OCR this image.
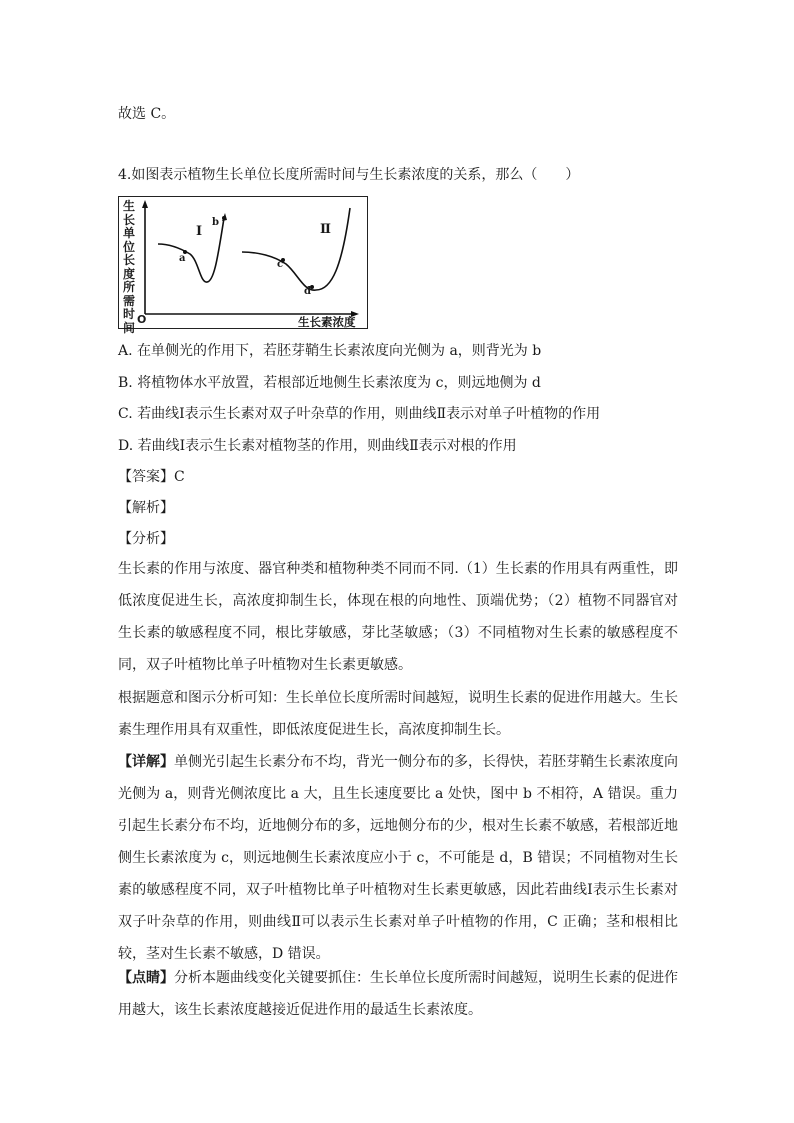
故选 C。
4.如图表示植物生长单位长度所需时间与生长素浓度的关系，那么（　　）
生长单位长度所需时间
O	生长素浓度
Ⅰ	Ⅱ
a
b
c
d
A. 在单侧光的作用下，若胚芽鞘生长素浓度向光侧为 a，则背光为 b
B. 将植物体水平放置，若根部近地侧生长素浓度为 c，则远地侧为 d
C. 若曲线Ⅰ表示生长素对双子叶杂草的作用，则曲线Ⅱ表示对单子叶植物的作用
D. 若曲线Ⅰ表示生长素对植物茎的作用，则曲线Ⅱ表示对根的作用
【答案】C
【解析】
【分析】
生长素的作用与浓度、器官种类和植物种类不同而不同.（1）生长素的作用具有两重性，即低浓度促进生长，高浓度抑制生长，体现在根的向地性、顶端优势；（2）植物不同器官对生长素的敏感程度不同，根比芽敏感，芽比茎敏感；（3）不同植物对生长素的敏感程度不同，双子叶植物比单子叶植物对生长素更敏感。
根据题意和图示分析可知：生长单位长度所需时间越短，说明生长素的促进作用越大。生长素生理作用具有双重性，即低浓度促进生长，高浓度抑制生长。
【详解】单侧光引起生长素分布不均，背光一侧分布的多，长得快，若胚芽鞘生长素浓度向光侧为 a，则背光侧浓度比 a 大，且生长速度要比 a 处快，图中 b 不相符，A 错误。重力引起生长素分布不均，近地侧分布的多，远地侧分布的少，根对生长素不敏感，若根部近地侧生长素浓度为 c，则远地侧生长素浓度应小于 c，不可能是 d，B 错误；不同植物对生长素的敏感程度不同，双子叶植物比单子叶植物对生长素更敏感，因此若曲线Ⅰ表示生长素对双子叶杂草的作用，则曲线Ⅱ可以表示生长素对单子叶植物的作用，C 正确；茎和根相比较，茎对生长素不敏感，D 错误。
【点睛】分析本题曲线变化关键要抓住：生长单位长度所需时间越短，说明生长素的促进作用越大，该生长素浓度越接近促进作用的最适生长素浓度。
